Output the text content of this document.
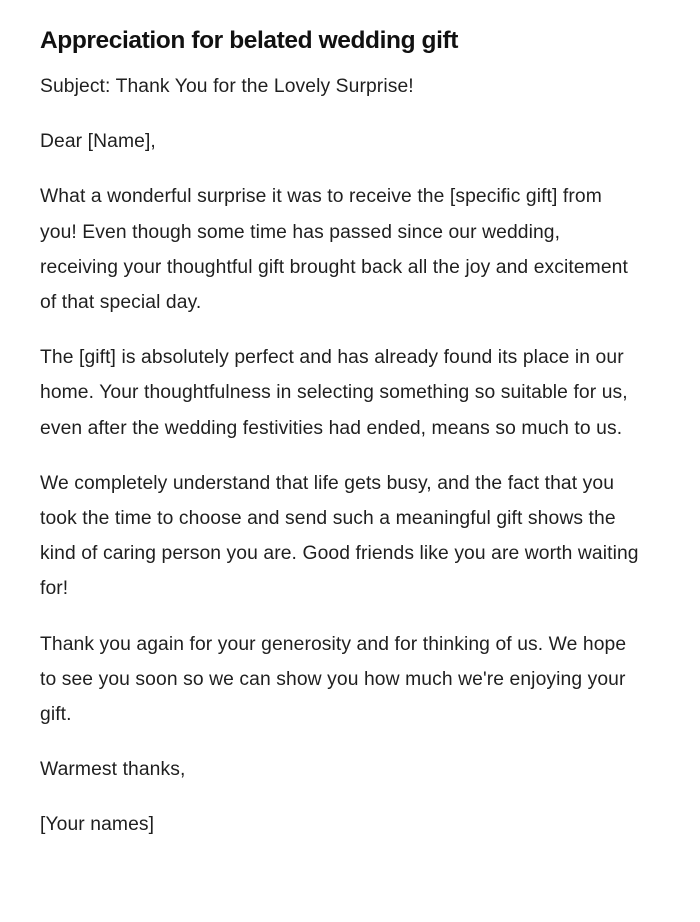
Appreciation for belated wedding gift

Subject: Thank You for the Lovely Surprise!

Dear [Name],

What a wonderful surprise it was to receive the [specific gift] from you! Even though some time has passed since our wedding, receiving your thoughtful gift brought back all the joy and excitement of that special day.

The [gift] is absolutely perfect and has already found its place in our home. Your thoughtfulness in selecting something so suitable for us, even after the wedding festivities had ended, means so much to us.

We completely understand that life gets busy, and the fact that you took the time to choose and send such a meaningful gift shows the kind of caring person you are. Good friends like you are worth waiting for!

Thank you again for your generosity and for thinking of us. We hope to see you soon so we can show you how much we're enjoying your gift.

Warmest thanks,

[Your names]
